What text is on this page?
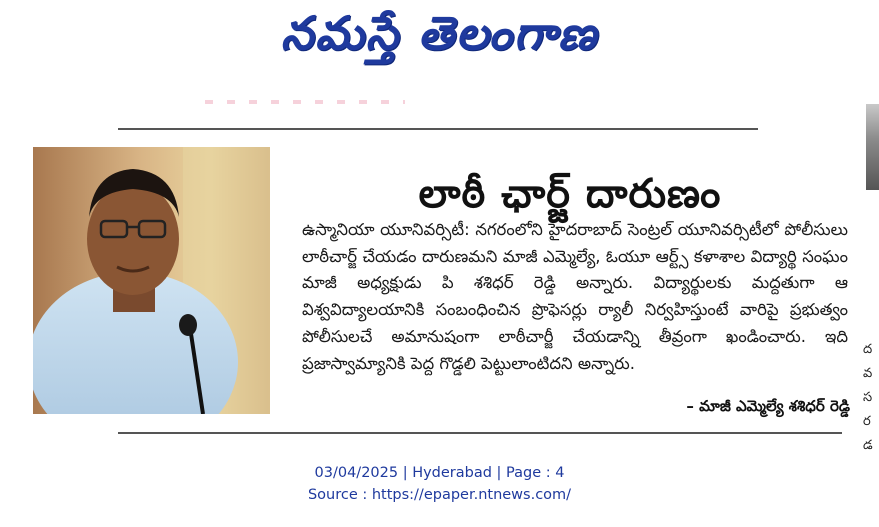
నమస్తే తెలంగాణ
లాఠీ ఛార్జ్ దారుణం

ఉస్మానియా యూనివర్సిటీ: నగరంలోని హైదరాబాద్ సెంట్రల్ యూనివర్సిటీలో పోలీసులు లాఠీచార్జ్ చేయడం దారుణమని మాజీ ఎమ్మెల్యే, ఓయూ ఆర్ట్స్ కళాశాల విద్యార్థి సంఘం మాజీ అధ్యక్షుడు పి శశిధర్ రెడ్డి అన్నారు. విద్యార్థులకు మద్దతుగా ఆ విశ్వవిద్యాలయానికి సంబంధించిన ప్రొఫెసర్లు ర్యాలీ నిర్వహిస్తుంటే వారిపై ప్రభుత్వం పోలీసులచే అమానుషంగా లాఠీచార్జీ చేయడాన్ని తీవ్రంగా ఖండించారు. ఇది ప్రజాస్వామ్యానికి పెద్ద గొడ్డలి పెట్టులాంటిదని అన్నారు.

– మాజీ ఎమ్మెల్యే శశిధర్ రెడ్డి
ద
వ
స
ర
డ
03/04/2025 | Hyderabad | Page : 4
Source : https://epaper.ntnews.com/
